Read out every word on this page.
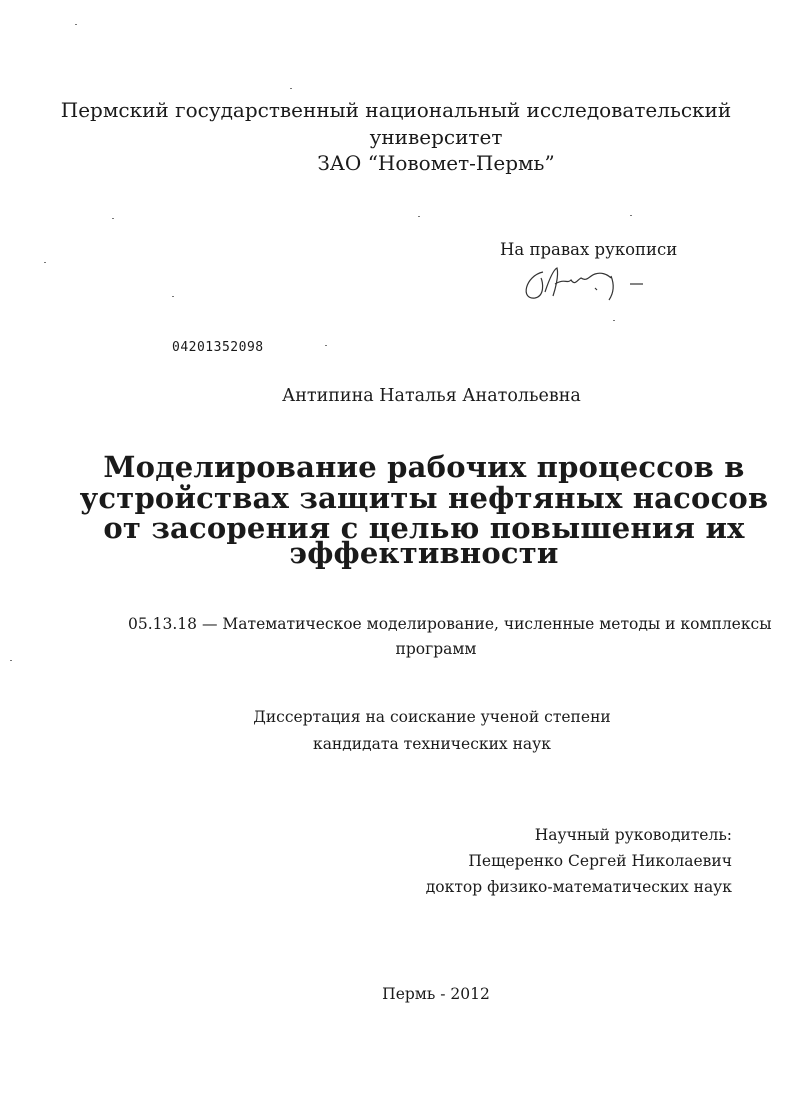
Пермский государственный национальный исследовательский
университет
ЗАО “Новомет-Пермь”
На правах рукописи
04201352098
Антипина Наталья Анатольевна
Моделирование рабочих процессов в
устройствах защиты нефтяных насосов
от засорения с целью повышения их
эффективности
05.13.18 — Математическое моделирование, численные методы и комплексы
программ
Диссертация на соискание ученой степени
кандидата технических наук
Научный руководитель:
Пещеренко Сергей Николаевич
доктор физико-математических наук
Пермь - 2012
